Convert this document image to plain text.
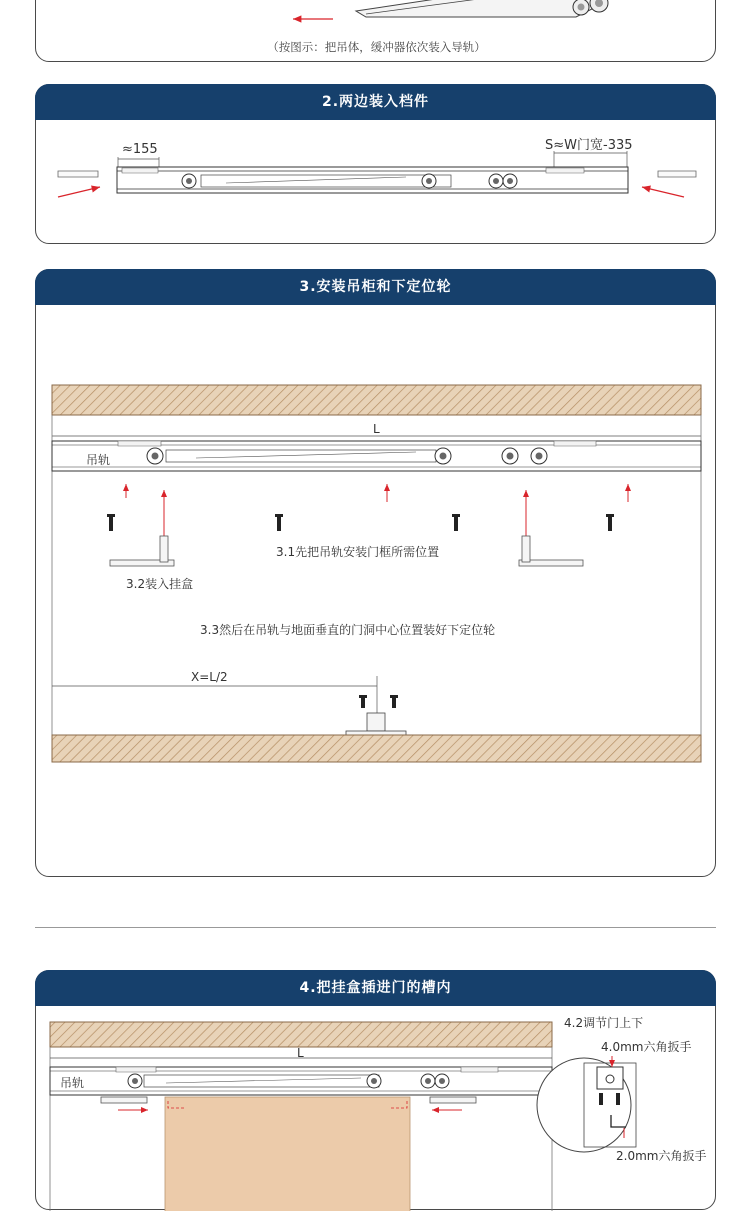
（按图示：把吊体，缓冲器依次装入导轨）
2.两边装入档件
≈155	S≈W门宽-335
3.安装吊柜和下定位轮
L
吊轨
3.1先把吊轨安装门框所需位置
3.2装入挂盒
3.3然后在吊轨与地面垂直的门洞中心位置装好下定位轮
X=L/2
4.把挂盒插进门的槽内
L
吊轨
4.2调节门上下
4.0mm六角扳手
2.0mm六角扳手
